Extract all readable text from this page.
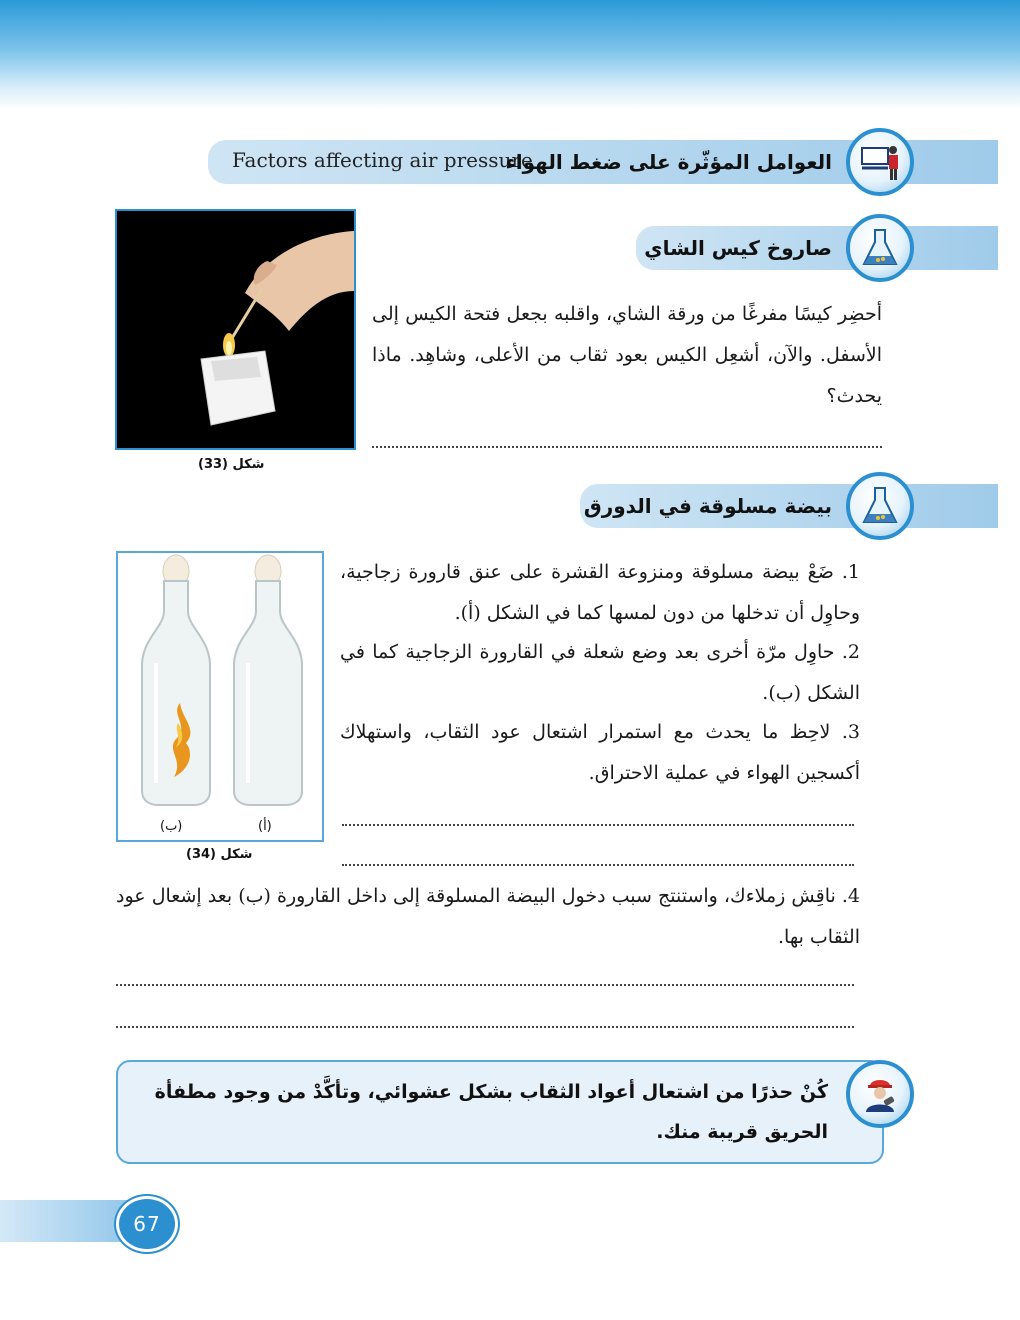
Factors affecting air pressure
العوامل المؤثّرة على ضغط الهواء
صاروخ كيس الشاي
شكل (33)
أحضِر كيسًا مفرغًا من ورقة الشاي، واقلبه بجعل فتحة الكيس إلى الأسفل. والآن، أشعِل الكيس بعود ثقاب من الأعلى، وشاهِد. ماذا يحدث؟
بيضة مسلوقة في الدورق
(ب)	(أ)
شكل (34)
1. ضَعْ بيضة مسلوقة ومنزوعة القشرة على عنق قارورة زجاجية، وحاوِل أن تدخلها من دون لمسها كما في الشكل (أ).
2. حاوِل مرّة أخرى بعد وضع شعلة في القارورة الزجاجية كما في الشكل (ب).
3. لاحِظ ما يحدث مع استمرار اشتعال عود الثقاب، واستهلاك أكسجين الهواء في عملية الاحتراق.
4. ناقِش زملاءك، واستنتج سبب دخول البيضة المسلوقة إلى داخل القارورة (ب) بعد إشعال عود الثقاب بها.
كُنْ حذرًا من اشتعال أعواد الثقاب بشكل عشوائي، وتأكَّدْ من وجود مطفأة الحريق قريبة منك.
67
